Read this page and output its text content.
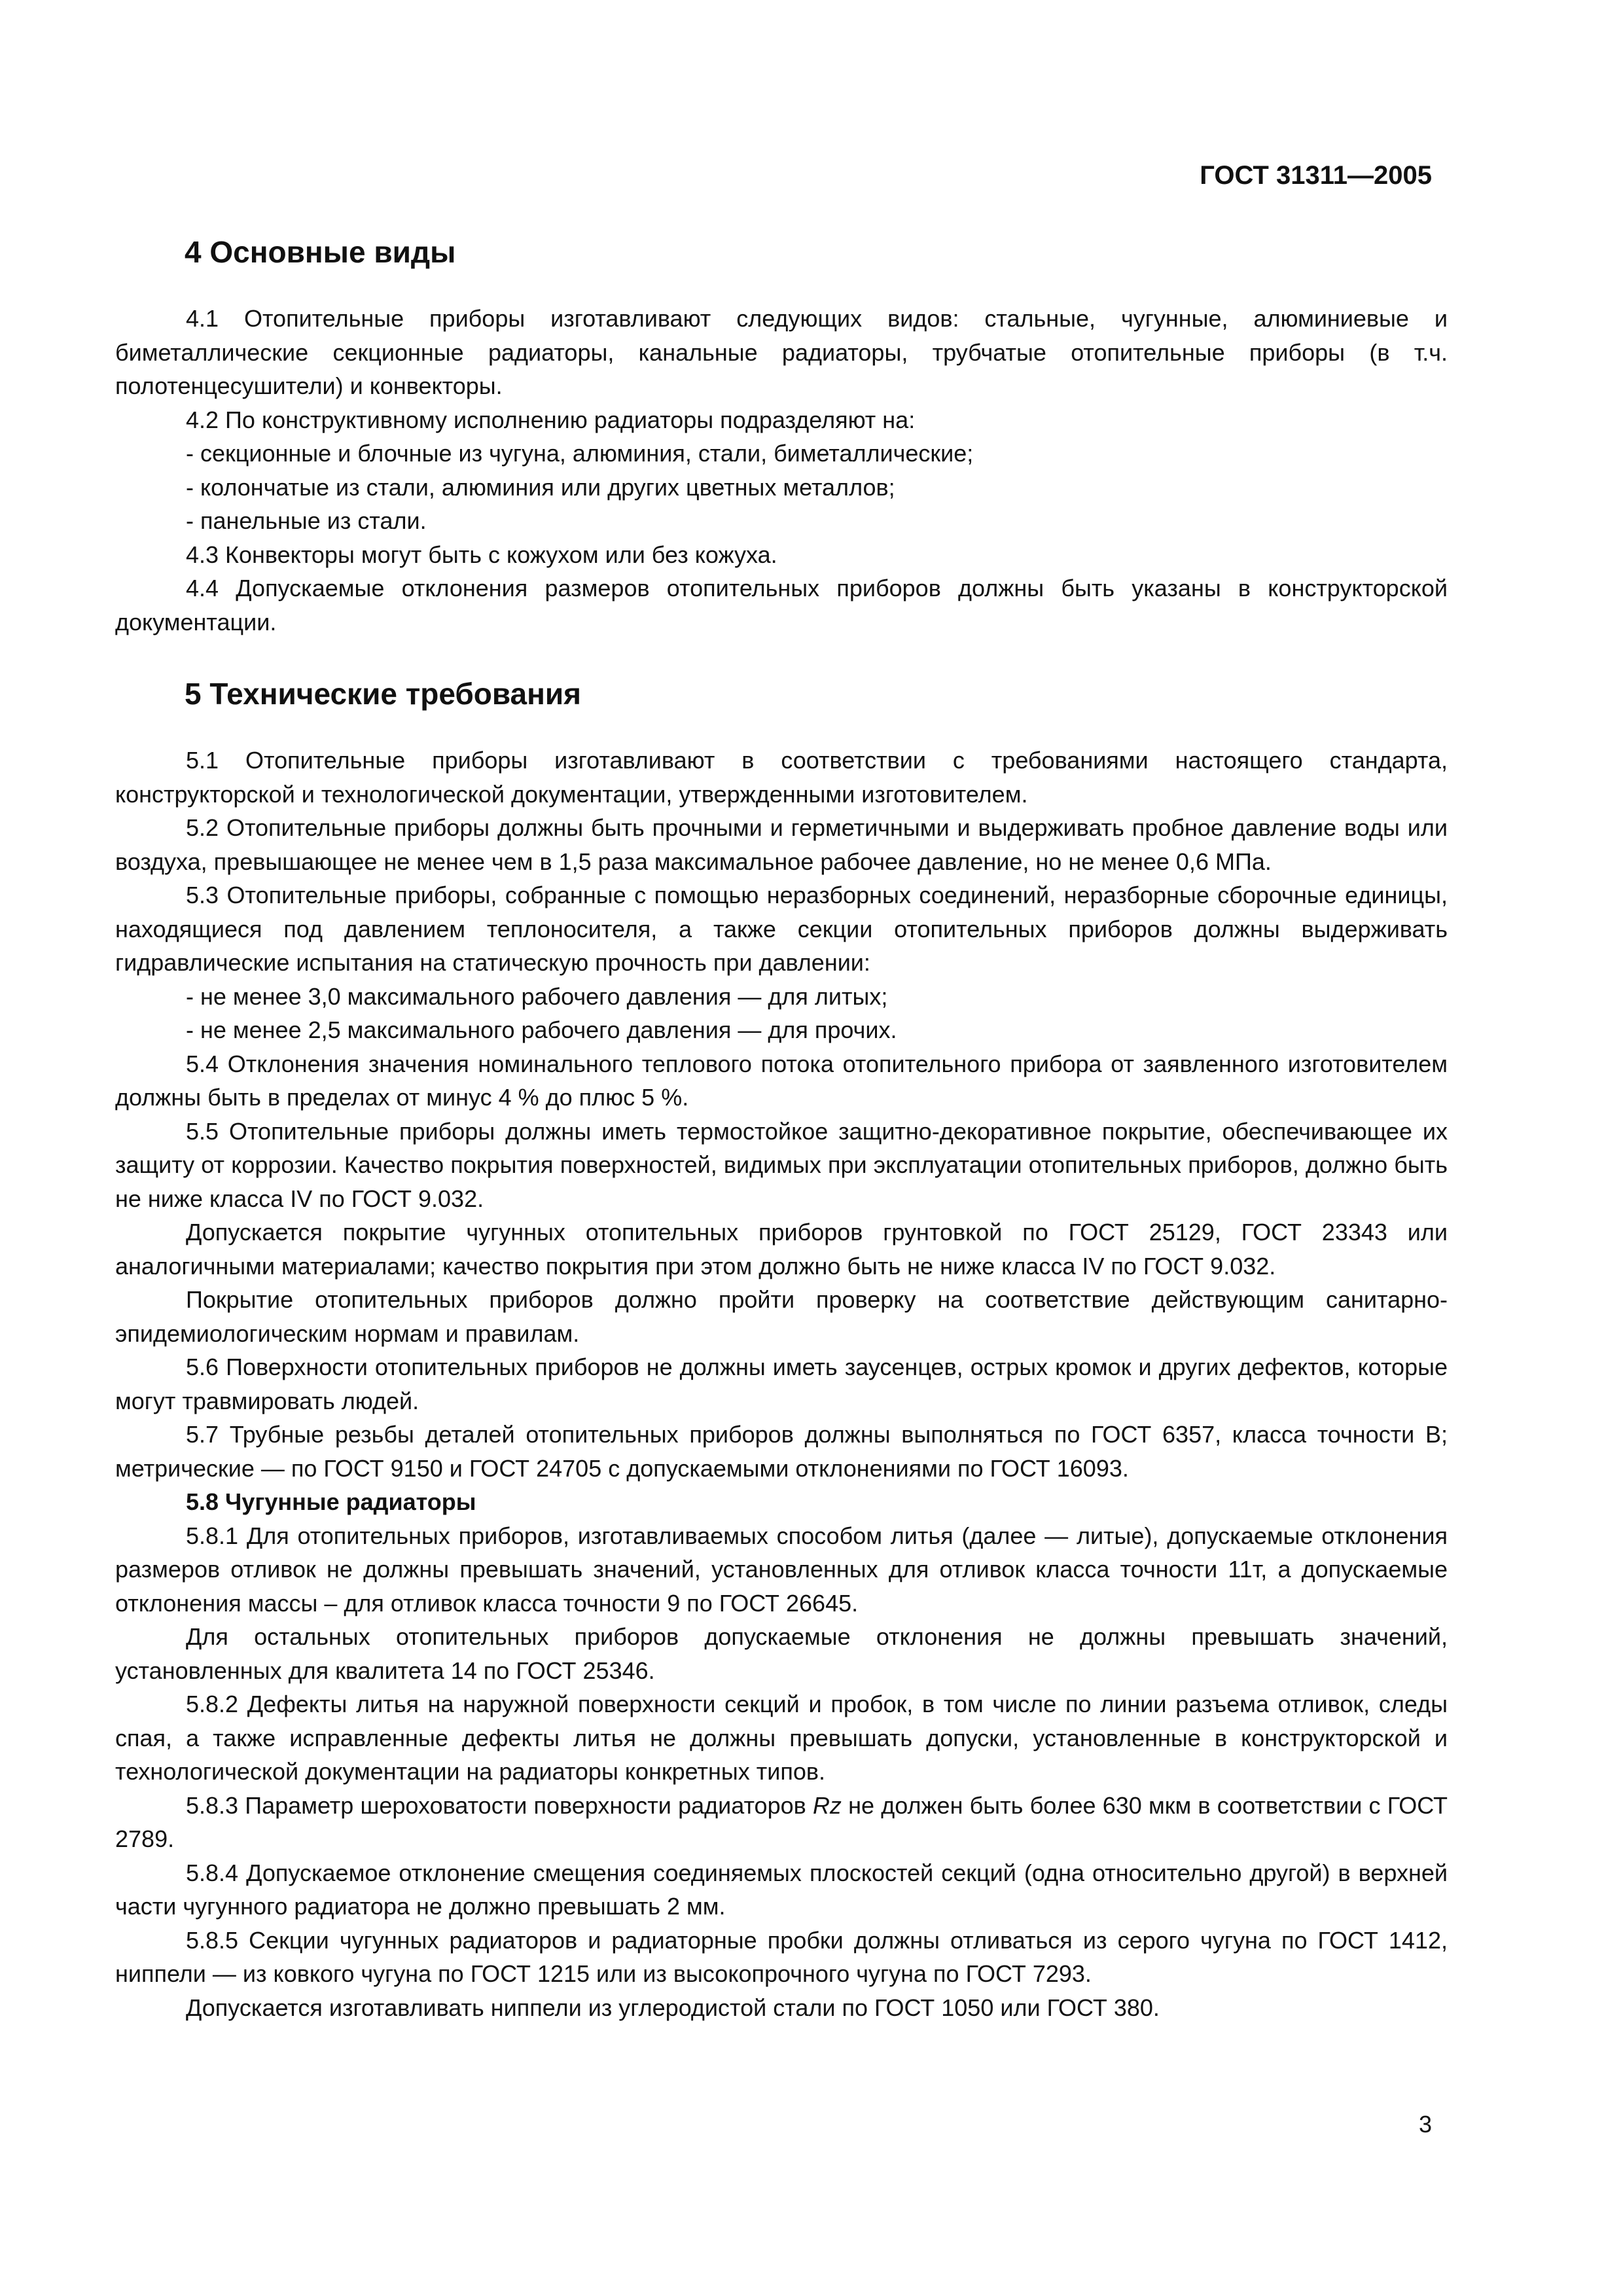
ГОСТ 31311—2005
4 Основные виды

4.1 Отопительные приборы изготавливают следующих видов: стальные, чугунные, алюминиевые и биметаллические секционные радиаторы, канальные радиаторы, трубчатые отопительные приборы (в т.ч. полотенцесушители) и конвекторы.

4.2 По конструктивному исполнению радиаторы подразделяют на:

- секционные и блочные из чугуна, алюминия, стали, биметаллические;

- колончатые из стали, алюминия или других цветных металлов;

- панельные из стали.

4.3 Конвекторы могут быть с кожухом или без кожуха.

4.4 Допускаемые отклонения размеров отопительных приборов должны быть указаны в конструкторской документации.

5 Технические требования

5.1 Отопительные приборы изготавливают в соответствии с требованиями настоящего стандарта, конструкторской и технологической документации, утвержденными изготовителем.

5.2 Отопительные приборы должны быть прочными и герметичными и выдерживать пробное давление воды или воздуха, превышающее не менее чем в 1,5 раза максимальное рабочее давление, но не менее 0,6 МПа.

5.3 Отопительные приборы, собранные с помощью неразборных соединений, неразборные сборочные единицы, находящиеся под давлением теплоносителя, а также секции отопительных приборов должны выдерживать гидравлические испытания на статическую прочность при давлении:

- не менее 3,0 максимального рабочего давления — для литых;

- не менее 2,5 максимального рабочего давления — для прочих.

5.4 Отклонения значения номинального теплового потока отопительного прибора от заявленного изготовителем должны быть в пределах от минус 4 % до плюс 5 %.

5.5 Отопительные приборы должны иметь термостойкое защитно-декоративное покрытие, обеспечивающее их защиту от коррозии. Качество покрытия поверхностей, видимых при эксплуатации отопительных приборов, должно быть не ниже класса IV по ГОСТ 9.032.

Допускается покрытие чугунных отопительных приборов грунтовкой по ГОСТ 25129, ГОСТ 23343 или аналогичными материалами; качество покрытия при этом должно быть не ниже класса IV по ГОСТ 9.032.

Покрытие отопительных приборов должно пройти проверку на соответствие действующим санитарно-эпидемиологическим нормам и правилам.

5.6 Поверхности отопительных приборов не должны иметь заусенцев, острых кромок и других дефектов, которые могут травмировать людей.

5.7 Трубные резьбы деталей отопительных приборов должны выполняться по ГОСТ 6357, класса точности В; метрические — по ГОСТ 9150 и ГОСТ 24705 с допускаемыми отклонениями по ГОСТ 16093.

5.8 Чугунные радиаторы

5.8.1 Для отопительных приборов, изготавливаемых способом литья (далее — литые), допускаемые отклонения размеров отливок не должны превышать значений, установленных для отливок класса точности 11т, а допускаемые отклонения массы – для отливок класса точности 9 по ГОСТ 26645.

Для остальных отопительных приборов допускаемые отклонения не должны превышать значений, установленных для квалитета 14 по ГОСТ 25346.

5.8.2 Дефекты литья на наружной поверхности секций и пробок, в том числе по линии разъема отливок, следы спая, а также исправленные дефекты литья не должны превышать допуски, установленные в конструкторской и технологической документации на радиаторы конкретных типов.

5.8.3 Параметр шероховатости поверхности радиаторов Rz не должен быть более 630 мкм в соответствии с ГОСТ 2789.

5.8.4 Допускаемое отклонение смещения соединяемых плоскостей секций (одна относительно другой) в верхней части чугунного радиатора не должно превышать 2 мм.

5.8.5 Секции чугунных радиаторов и радиаторные пробки должны отливаться из серого чугуна по ГОСТ 1412, ниппели — из ковкого чугуна по ГОСТ 1215 или из высокопрочного чугуна по ГОСТ 7293.

Допускается изготавливать ниппели из углеродистой стали по ГОСТ 1050 или ГОСТ 380.

3
